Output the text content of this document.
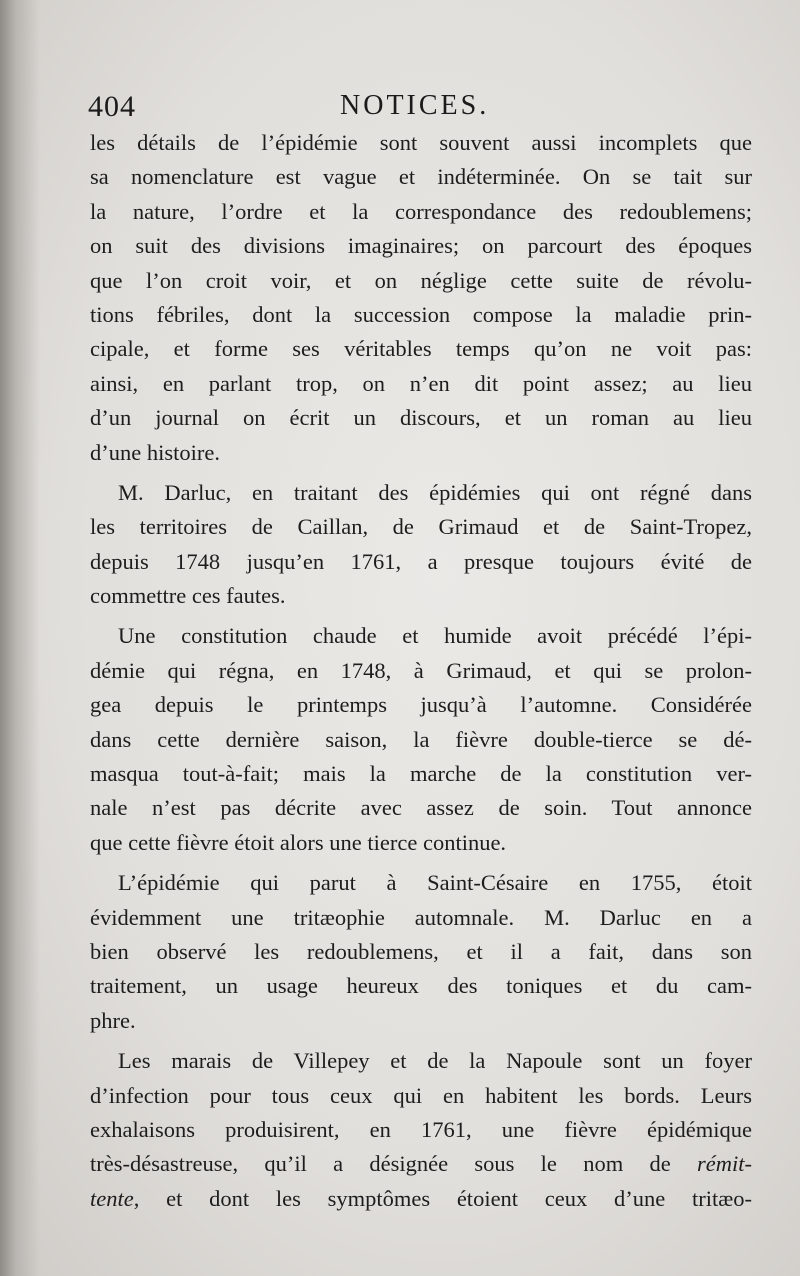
404	NOTICES.
les détails de l’épidémie sont souvent aussi incomplets que
sa nomenclature est vague et indéterminée. On se tait sur
la nature, l’ordre et la correspondance des redoublemens;
on suit des divisions imaginaires; on parcourt des époques
que l’on croit voir, et on néglige cette suite de révolu-
tions fébriles, dont la succession compose la maladie prin-
cipale, et forme ses véritables temps qu’on ne voit pas:
ainsi, en parlant trop, on n’en dit point assez; au lieu
d’un journal on écrit un discours, et un roman au lieu
d’une histoire.
M. Darluc, en traitant des épidémies qui ont régné dans
les territoires de Caillan, de Grimaud et de Saint-Tropez,
depuis 1748 jusqu’en 1761, a presque toujours évité de
commettre ces fautes.
Une constitution chaude et humide avoit précédé l’épi-
démie qui régna, en 1748, à Grimaud, et qui se prolon-
gea depuis le printemps jusqu’à l’automne. Considérée
dans cette dernière saison, la fièvre double-tierce se dé-
masqua tout-à-fait; mais la marche de la constitution ver-
nale n’est pas décrite avec assez de soin. Tout annonce
que cette fièvre étoit alors une tierce continue.
L’épidémie qui parut à Saint-Césaire en 1755, étoit
évidemment une tritæophie automnale. M. Darluc en a
bien observé les redoublemens, et il a fait, dans son
traitement, un usage heureux des toniques et du cam-
phre.
Les marais de Villepey et de la Napoule sont un foyer
d’infection pour tous ceux qui en habitent les bords. Leurs
exhalaisons produisirent, en 1761, une fièvre épidémique
très-désastreuse, qu’il a désignée sous le nom de rémit-
tente, et dont les symptômes étoient ceux d’une tritæo-
